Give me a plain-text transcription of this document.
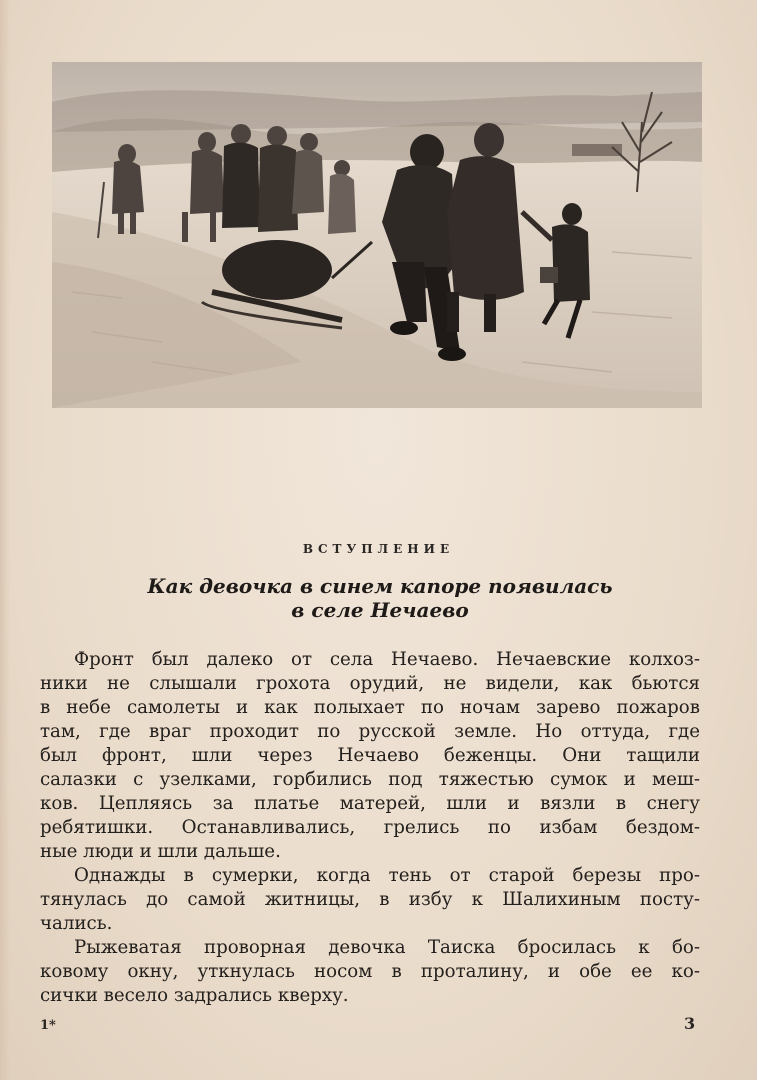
ВСТУПЛЕНИЕ
Как девочка в синем капоре появилась
в селе Нечаево
Фронт был далеко от села Нечаево. Нечаевские колхоз-
ники не слышали грохота орудий, не видели, как бьются
в небе самолеты и как полыхает по ночам зарево пожаров
там, где враг проходит по русской земле. Но оттуда, где
был фронт, шли через Нечаево беженцы. Они тащили
салазки с узелками, горбились под тяжестью сумок и меш-
ков. Цепляясь за платье матерей, шли и вязли в снегу
ребятишки. Останавливались, грелись по избам бездом-
ные люди и шли дальше.
Однажды в сумерки, когда тень от старой березы про-
тянулась до самой житницы, в избу к Шалихиным посту-
чались.
Рыжеватая проворная девочка Таиска бросилась к бо-
ковому окну, уткнулась носом в проталину, и обе ее ко-
сички весело задрались кверху.
1*	3
